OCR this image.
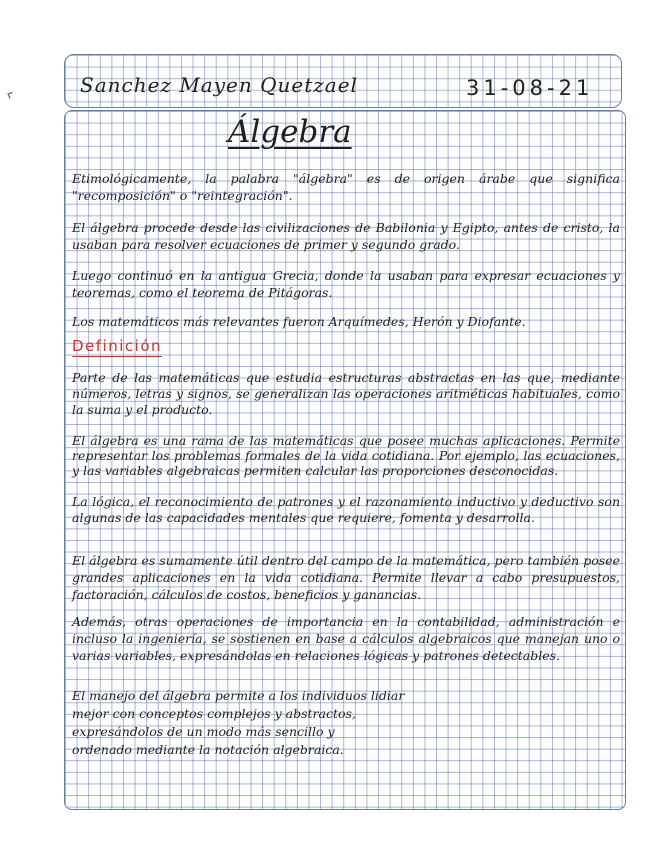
‹	Sanchez Mayen Quetzael	31-08-21
Álgebra

Etimológicamente, la palabra "álgebra" es de origen árabe que significa "recomposición" o "reintegración".

El álgebra procede desde las civilizaciones de Babilonia y Egipto, antes de cristo, la usaban para resolver ecuaciones de primer y segundo grado.

Luego continuó en la antigua Grecia, donde la usaban para expresar ecuaciones y teoremas, como el teorema de Pitágoras.

Los matemáticos más relevantes fueron Arquímedes, Herón y Diofante.

Definición

Parte de las matemáticas que estudia estructuras abstractas en las que, mediante números, letras y signos, se generalizan las operaciones aritméticas habituales, como la suma y el producto.

El álgebra es una rama de las matemáticas que posee muchas aplicaciones. Permite representar los problemas formales de la vida cotidiana. Por ejemplo, las ecuaciones, y las variables algebraicas permiten calcular las proporciones desconocidas.

La lógica, el reconocimiento de patrones y el razonamiento inductivo y deductivo son algunas de las capacidades mentales que requiere, fomenta y desarrolla.

El álgebra es sumamente útil dentro del campo de la matemática, pero también posee grandes aplicaciones en la vida cotidiana. Permite llevar a cabo presupuestos, factoración, cálculos de costos, beneficios y ganancias.

Además, otras operaciones de importancia en la contabilidad, administración e incluso la ingeniería, se sostienen en base a cálculos algebraicos que manejan uno o varias variables, expresándolas en relaciones lógicas y patrones detectables.

El manejo del álgebra permite a los individuos lidiar
mejor con conceptos complejos y abstractos,
expresándolos de un modo más sencillo y
ordenado mediante la notación algebraica.
